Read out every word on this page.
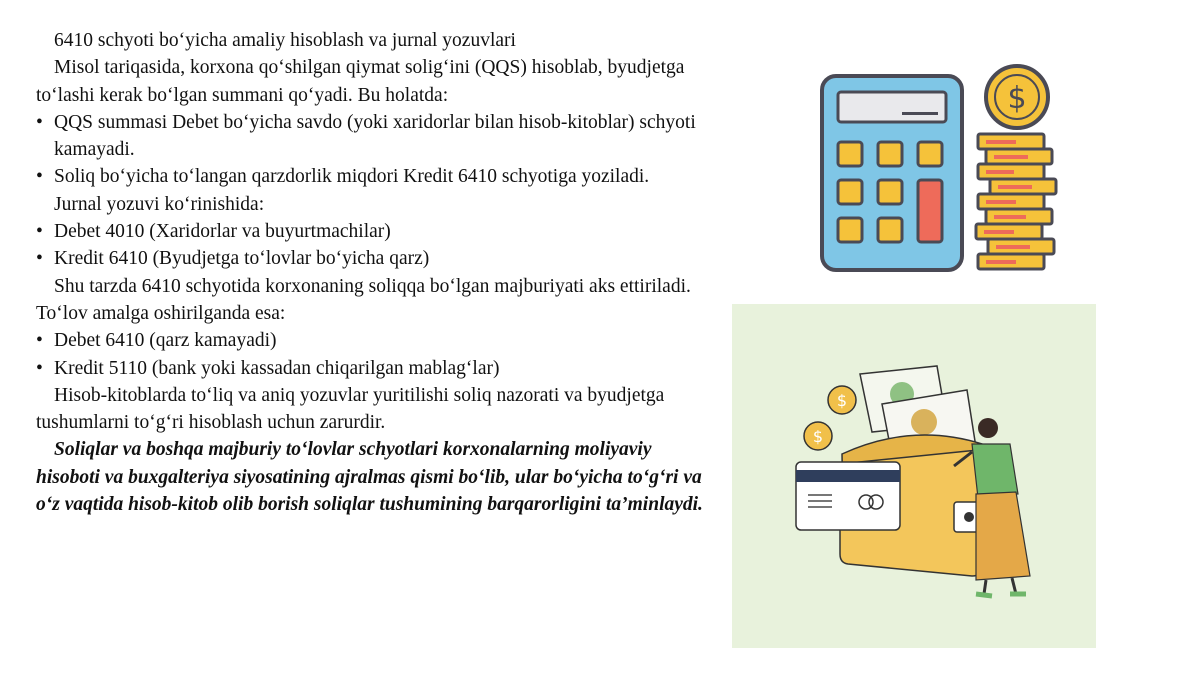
6410 schyoti bo‘yicha amaliy hisoblash va jurnal yozuvlari

Misol tariqasida, korxona qo‘shilgan qiymat solig‘ini (QQS) hisoblab, byudjetga to‘lashi kerak bo‘lgan summani qo‘yadi. Bu holatda:

• QQS summasi Debet bo‘yicha savdo (yoki xaridorlar bilan hisob-kitoblar) schyoti kamayadi.
• Soliq bo‘yicha to‘langan qarzdorlik miqdori Kredit 6410 schyotiga yoziladi.

Jurnal yozuvi ko‘rinishida:

• Debet 4010 (Xaridorlar va buyurtmachilar)
• Kredit 6410 (Byudjetga to‘lovlar bo‘yicha qarz)

Shu tarzda 6410 schyotida korxonaning soliqqa bo‘lgan majburiyati aks ettiriladi. To‘lov amalga oshirilganda esa:

• Debet 6410 (qarz kamayadi)
• Kredit 5110 (bank yoki kassadan chiqarilgan mablag‘lar)

Hisob-kitoblarda to‘liq va aniq yozuvlar yuritilishi soliq nazorati va byudjetga tushumlarni to‘g‘ri hisoblash uchun zarurdir.

Soliqlar va boshqa majburiy to‘lovlar schyotlari korxonalarning moliyaviy hisoboti va buxgalteriya siyosatining ajralmas qismi bo‘lib, ular bo‘yicha to‘g‘ri va o‘z vaqtida hisob-kitob olib borish soliqlar tushumining barqarorligini ta’minlaydi.

$
$
$
